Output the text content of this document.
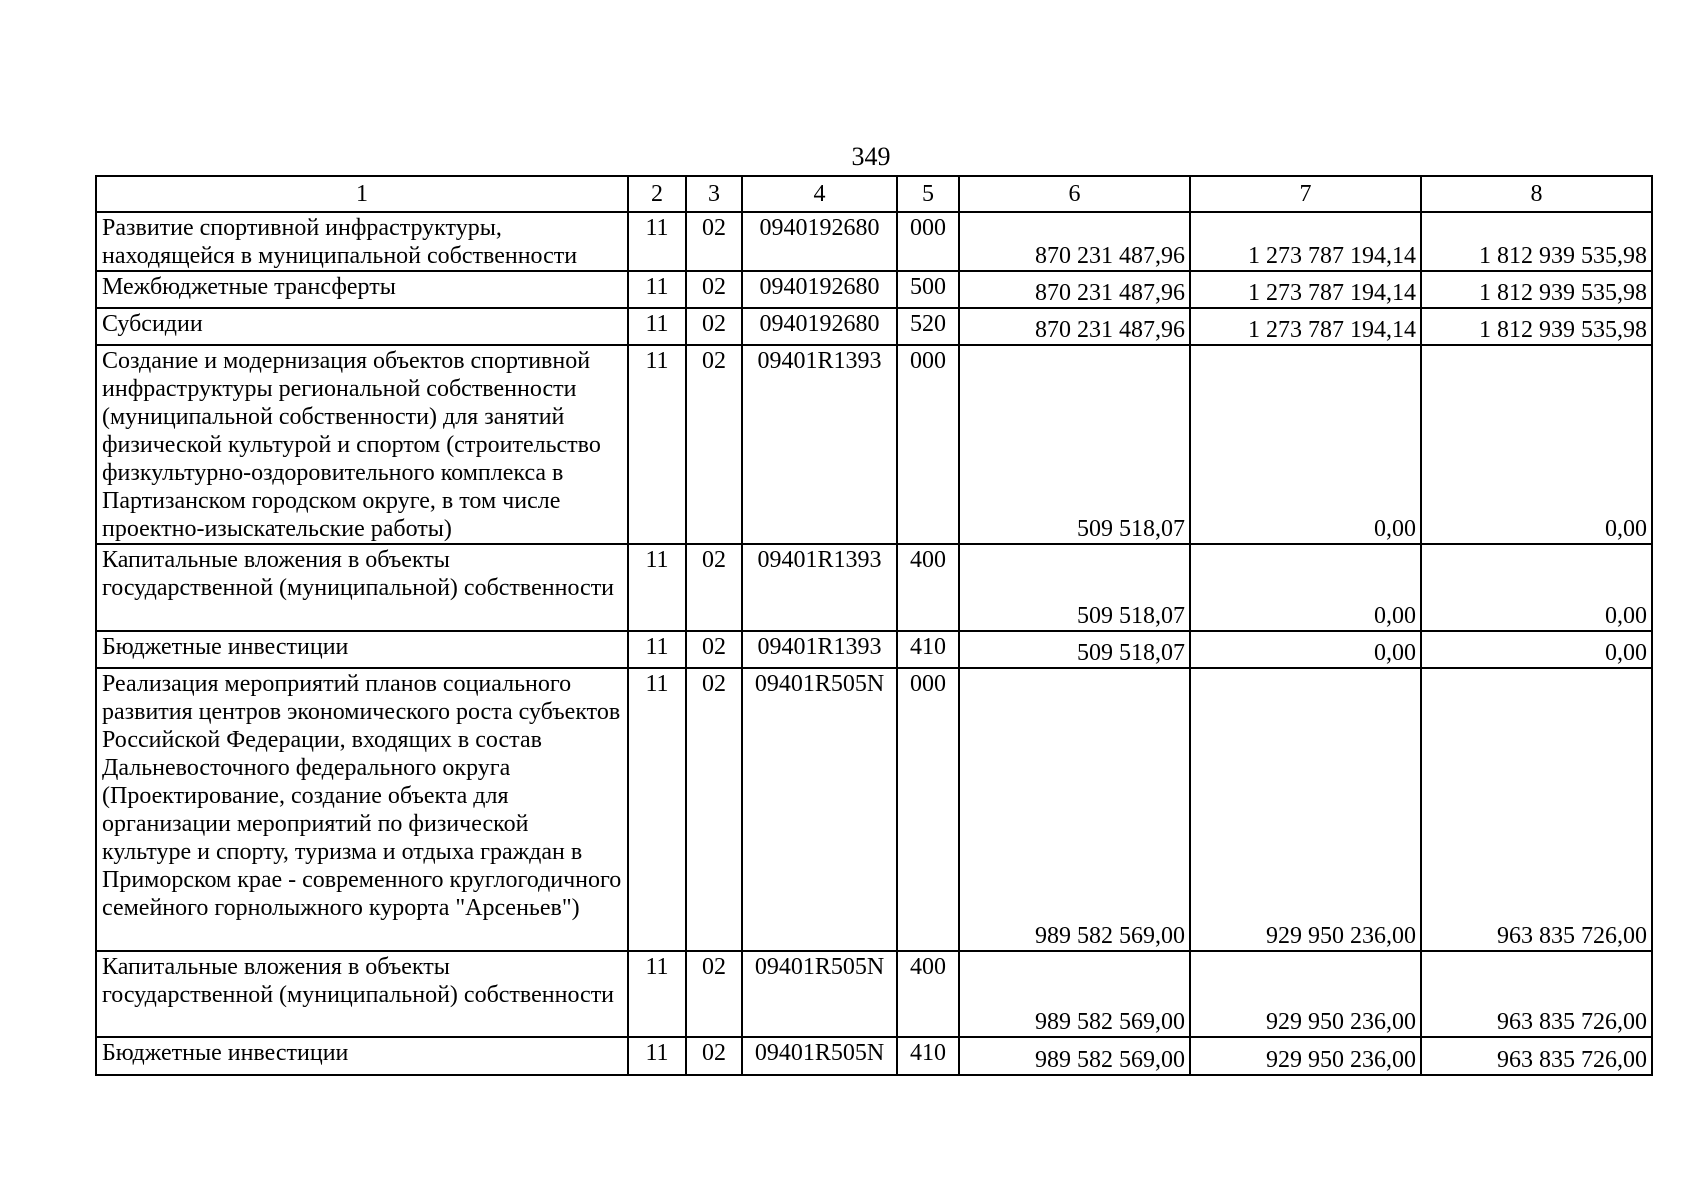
349
1	2	3	4	5	6	7	8
Развитие спортивной инфраструктуры, находящейся в муниципальной собственности	11	02	0940192680	000	870 231 487,96	1 273 787 194,14	1 812 939 535,98
Межбюджетные трансферты	11	02	0940192680	500	870 231 487,96	1 273 787 194,14	1 812 939 535,98
Субсидии	11	02	0940192680	520	870 231 487,96	1 273 787 194,14	1 812 939 535,98
Создание и модернизация объектов спортивной инфраструктуры региональной собственности (муниципальной собственности) для занятий физической культурой и спортом (строительство физкультурно-оздоровительного комплекса в Партизанском городском округе, в том числе проектно-изыскательские работы)	11	02	09401R1393	000	509 518,07	0,00	0,00
Капитальные вложения в объекты государственной (муниципальной) собственности	11	02	09401R1393	400	509 518,07	0,00	0,00
Бюджетные инвестиции	11	02	09401R1393	410	509 518,07	0,00	0,00
Реализация мероприятий планов социального развития центров экономического роста субъектов Российской Федерации, входящих в состав Дальневосточного федерального округа (Проектирование, создание объекта для организации мероприятий по физической культуре и спорту, туризма и отдыха граждан в Приморском крае - современного круглогодичного семейного горнолыжного курорта "Арсеньев")	11	02	09401R505N	000	989 582 569,00	929 950 236,00	963 835 726,00
Капитальные вложения в объекты государственной (муниципальной) собственности	11	02	09401R505N	400	989 582 569,00	929 950 236,00	963 835 726,00
Бюджетные инвестиции	11	02	09401R505N	410	989 582 569,00	929 950 236,00	963 835 726,00
